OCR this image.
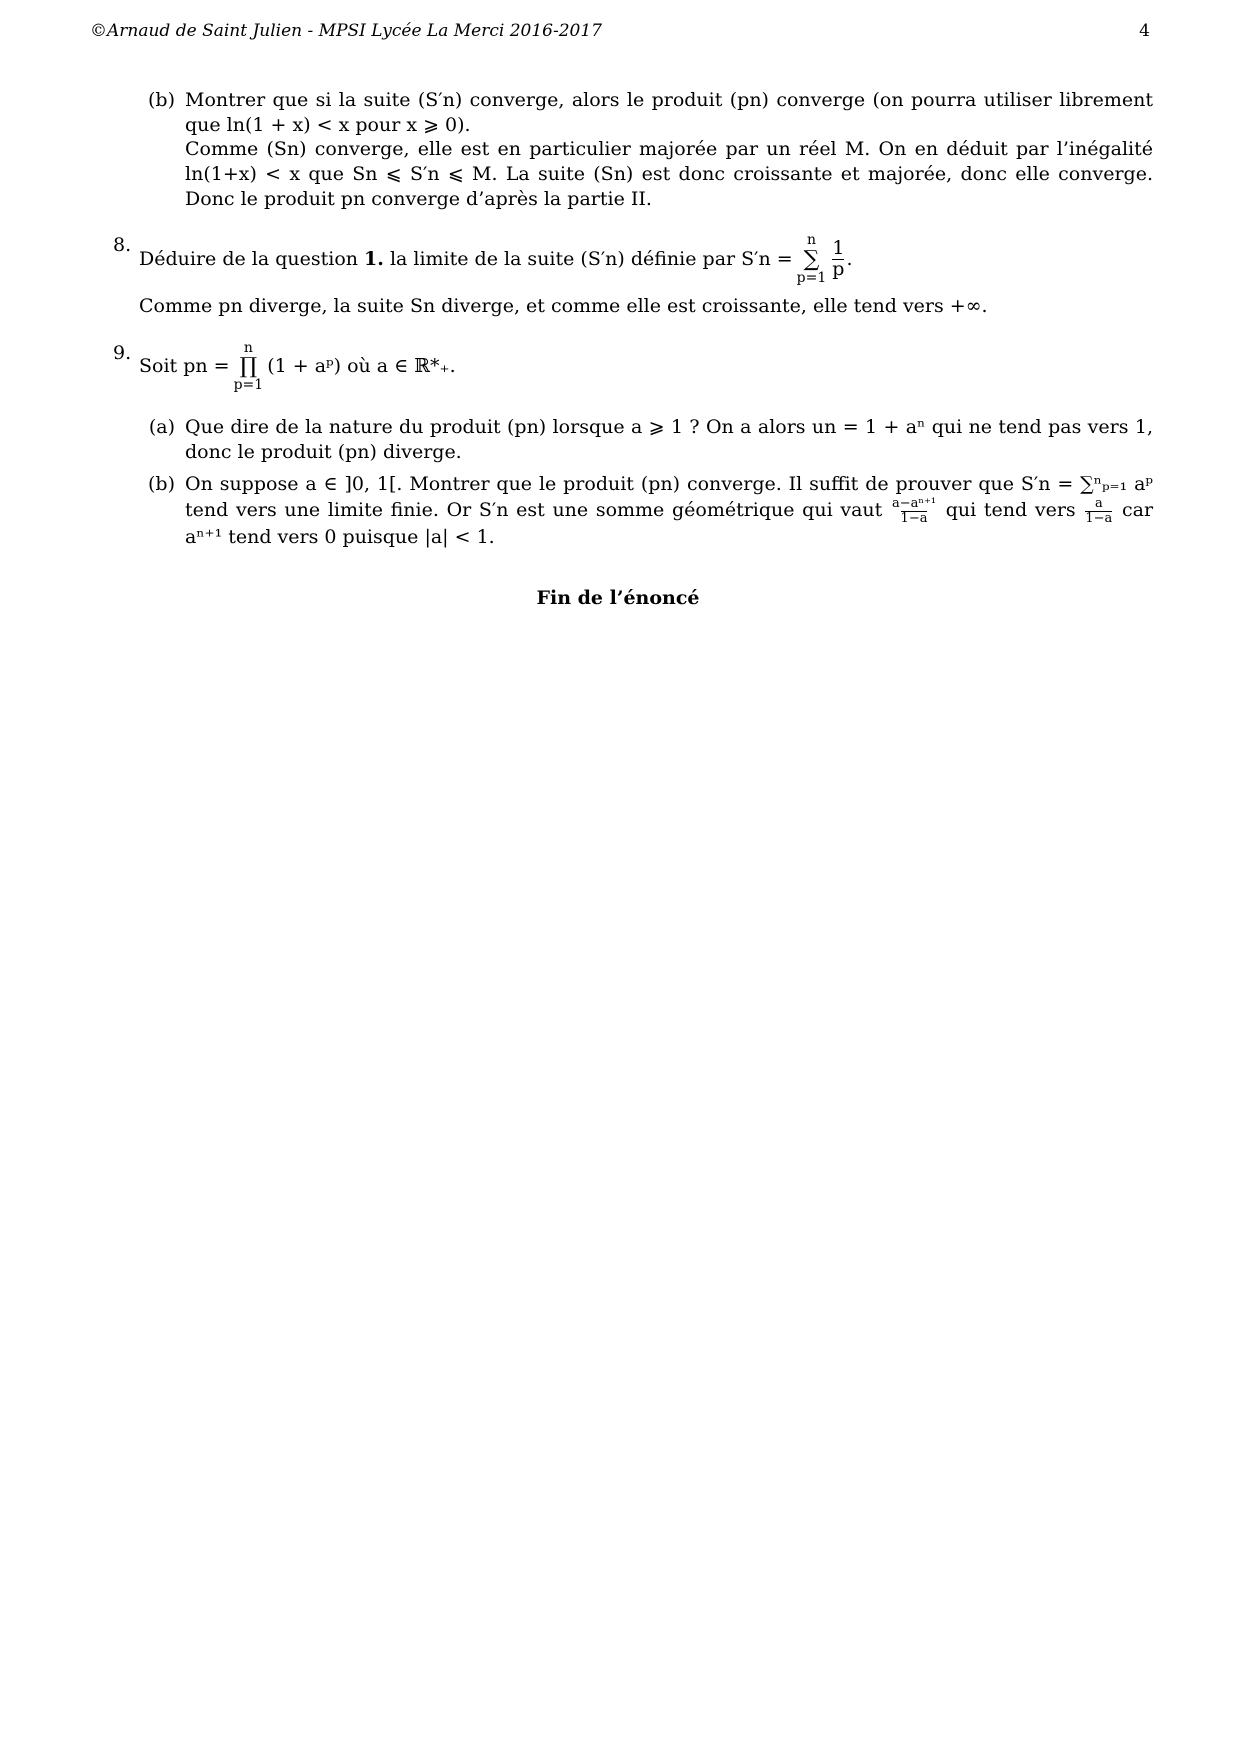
©Arnaud de Saint Julien - MPSI Lycée La Merci 2016-2017	4
(b) Montrer que si la suite (S′n) converge, alors le produit (pn) converge (on pourra utiliser librement que ln(1 + x) < x pour x ⩾ 0).

Comme (Sn) converge, elle est en particulier majorée par un réel M. On en déduit par l’inégalité ln(1+x) < x que Sn ⩽ S′n ⩽ M. La suite (Sn) est donc croissante et majorée, donc elle converge. Donc le produit pn converge d’après la partie II.

8.
Déduire de la question
1.
la limite de la suite (S′n) définie par S′n =
n
∑
$p=1 \frac{1}{p}$ .

Comme pn diverge, la suite Sn diverge, et comme elle est croissante, elle tend vers +∞.

9.
Soit pn =
n
∏
p=1
(1 + aᵖ) où a ∈ ℝ*₊.
(a) Que dire de la nature du produit (pn) lorsque a ⩾ 1 ? On a alors un = 1 + aⁿ qui ne tend pas vers 1, donc le produit (pn) diverge.
(b) On suppose a ∈ ]0, 1[. Montrer que le produit (pn) converge. Il suffit de prouver que S′n = ∑ⁿₚ₌₁ aᵖ tend vers une limite finie. Or S′n est une somme géométrique qui vaut $\frac{\text{a−aⁿ⁺¹}}{1-a}$ qui tend vers $\frac{a}{1-a}$ car aⁿ⁺¹ tend vers 0 puisque |a| < 1.
Fin de l’énoncé
